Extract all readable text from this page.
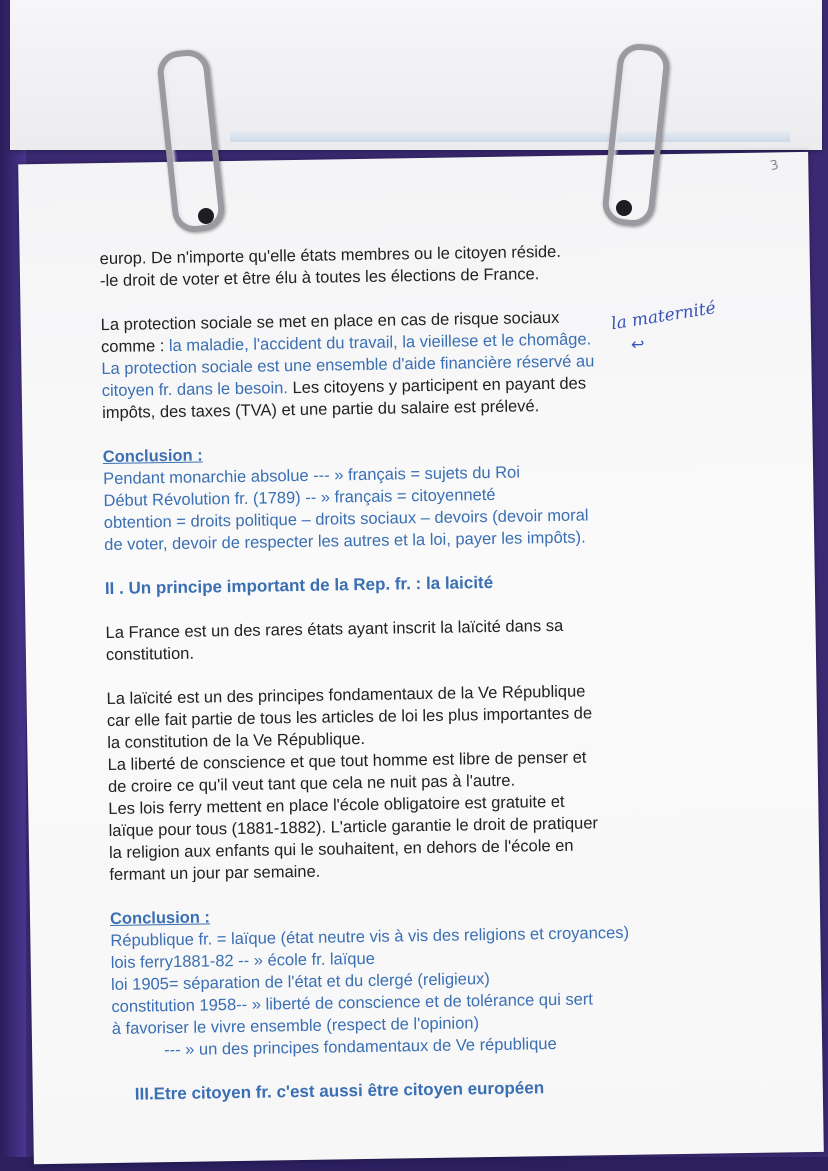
3

europ. De n'importe qu'elle états membres ou le citoyen réside.

-le droit de voter et être élu à toutes les élections de France.

La protection sociale se met en place en cas de risque sociaux

comme : la maladie, l'accident du travail, la vieillese et le chomâge.

La protection sociale est une ensemble d'aide financière réservé au

citoyen fr. dans le besoin. Les citoyens y participent en payant des

impôts, des taxes (TVA) et une partie du salaire est prélevé.

Conclusion :

Pendant monarchie absolue --- » français = sujets du Roi

Début Révolution fr. (1789) -- » français = citoyenneté

obtention = droits politique – droits sociaux – devoirs (devoir moral

de voter, devoir de respecter les autres et la loi, payer les impôts).

II . Un principe important de la Rep. fr. : la laicité

La France est un des rares états ayant inscrit la laïcité dans sa

constitution.

La laïcité est un des principes fondamentaux de la Ve République

car elle fait partie de tous les articles de loi les plus importantes de

la constitution de la Ve République.

La liberté de conscience et que tout homme est libre de penser et

de croire ce qu'il veut tant que cela ne nuit pas à l'autre.

Les lois ferry mettent en place l'école obligatoire est gratuite et

laïque pour tous (1881-1882). L'article garantie le droit de pratiquer

la religion aux enfants qui le souhaitent, en dehors de l'école en

fermant un jour par semaine.

Conclusion :

République fr. = laïque (état neutre vis à vis des religions et croyances)

lois ferry1881-82 -- » école fr. laïque

loi 1905= séparation de l'état et du clergé (religieux)

constitution 1958-- » liberté de conscience et de tolérance qui sert

à favoriser le vivre ensemble (respect de l'opinion)

--- » un des principes fondamentaux de Ve république

III.Etre citoyen fr. c'est aussi être citoyen européen

la maternité
↩
